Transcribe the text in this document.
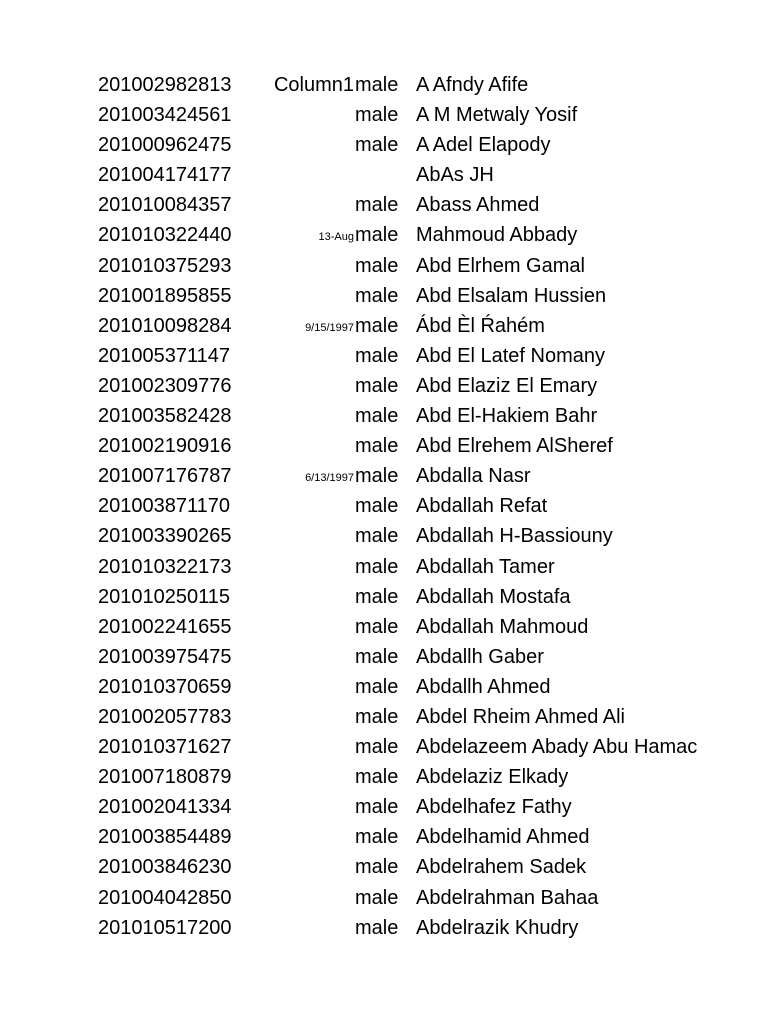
201002982813	Column1 male A Afndy Afife
201003424561	male A M Metwaly Yosif
201000962475	male A Adel Elapody
201004174177	AbAs JH
201010084357	male Abass Ahmed
201010322440	13-Aug male Mahmoud Abbady
201010375293	male Abd Elrhem Gamal
201001895855	male Abd Elsalam Hussien
201010098284	9/15/1997 male Ábd Èl Ŕahém
201005371147	male Abd El Latef Nomany
201002309776	male Abd Elaziz El Emary
201003582428	male Abd El-Hakiem Bahr
201002190916	male Abd Elrehem AlSheref
201007176787	6/13/1997 male Abdalla Nasr
201003871170	male Abdallah Refat
201003390265	male Abdallah H-Bassiouny
201010322173	male Abdallah Tamer
201010250115	male Abdallah Mostafa
201002241655	male Abdallah Mahmoud
201003975475	male Abdallh Gaber
201010370659	male Abdallh Ahmed
201002057783	male Abdel Rheim Ahmed Ali
201010371627	male Abdelazeem Abady Abu Hamac
201007180879	male Abdelaziz Elkady
201002041334	male Abdelhafez Fathy
201003854489	male Abdelhamid Ahmed
201003846230	male Abdelrahem Sadek
201004042850	male Abdelrahman Bahaa
201010517200	male Abdelrazik Khudry
